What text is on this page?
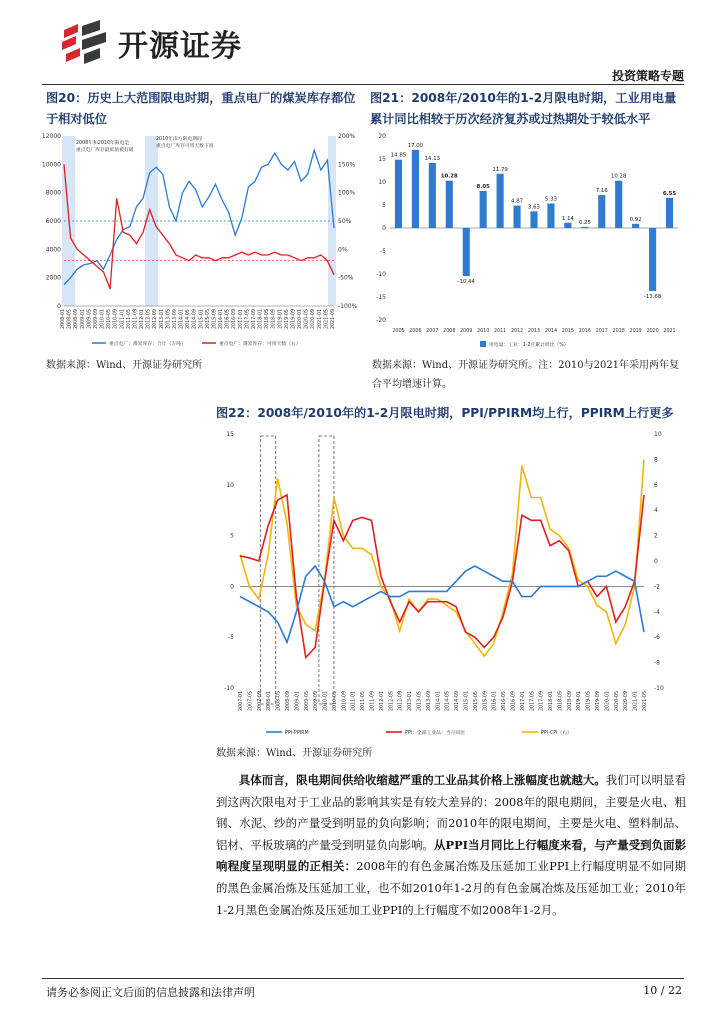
开源证券
投资策略专题
图20：历史上大范围限电时期，重点电厂的煤炭库存都位于相对低位
0
2000
4000
6000
8000
10000
12000
-100%
-50%
0%
50%
100%
150%
200%
2008-01 2008-05 2008-09 2009-01 2009-05 2009-09 2010-01 2010-05 2010-09 2011-01 2011-05 2011-09 2012-01 2012-05 2012-09 2013-01 2013-05 2013-09 2014-01 2014-05 2014-09 2015-01 2015-05 2015-09 2016-01 2016-05 2016-09 2017-01 2017-05 2017-09 2018-01 2018-05 2018-09 2019-01 2019-05 2019-09 2020-01 2020-05 2020-09 2021-01 2021-05 2021-09
2008年和2010年限电是
重点电厂库存最低值被打破
2010年南方限电期间
重点电厂库存可用天数下滑
重点电厂：煤炭库存：合计（万吨）	重点电厂：煤炭库存：可用天数（右）
数据来源：Wind、开源证券研究所
图21：2008年/2010年的1-2月限电时期，工业用电量累计同比相较于历次经济复苏或过热期处于较低水平
-20
-15
-10
-5
0
5
10
15
20
14.85
2005
17.00
2006
14.13
2007
10.28
2008
-10.44
2009
8.05
2010
11.79
2011
4.87
2012
3.63
2013
5.33
2014
1.14
2015
0.25
2016
7.16
2017
10.28
2018
0.92
2019
-13.68
2020
6.55
2021
用电量：工业：1-2月累计同比（%）
数据来源：Wind、开源证券研究所。注：2010与2021年采用两年复合平均增速计算。
图22：2008年/2010年的1-2月限电时期，PPI/PPIRM均上行，PPIRM上行更多
-10
-5
0
5
10
15
-10
-8
-6
-4
-2
0
2
4
6
8
10
2007-01 2007-05 2007-09 2008-01 2008-05 2008-09 2009-01 2009-05 2009-09 2010-01 2010-05 2010-09 2011-01 2011-05 2011-09 2012-01 2012-05 2012-09 2013-01 2013-05 2013-09 2014-01 2014-05 2014-09 2015-01 2015-05 2015-09 2016-01 2016-05 2016-09 2017-01 2017-05 2017-09 2018-01 2018-05 2018-09 2019-01 2019-05 2019-09 2020-01 2020-05 2020-09 2021-01 2021-05
PPI-PPIRM	PPI：全部工业品：当月同比	PPI-CPI（右）
数据来源：Wind、开源证券研究所
具体而言，限电期间供给收缩越严重的工业品其价格上涨幅度也就越大。我们可以明显看到这两次限电对于工业品的影响其实是有较大差异的：2008年的限电期间，主要是火电、粗钢、水泥、纱的产量受到明显的负向影响；而2010年的限电期间，主要是火电、塑料制品、铝材、平板玻璃的产量受到明显负向影响。从PPI当月同比上行幅度来看，与产量受到负面影响程度呈现明显的正相关：2008年的有色金属冶炼及压延加工业PPI上行幅度明显不如同期的黑色金属冶炼及压延加工业，也不如2010年1-2月的有色金属冶炼及压延加工业；2010年1-2月黑色金属冶炼及压延加工业PPI的上行幅度不如2008年1-2月。
请务必参阅正文后面的信息披露和法律声明	10 / 22
